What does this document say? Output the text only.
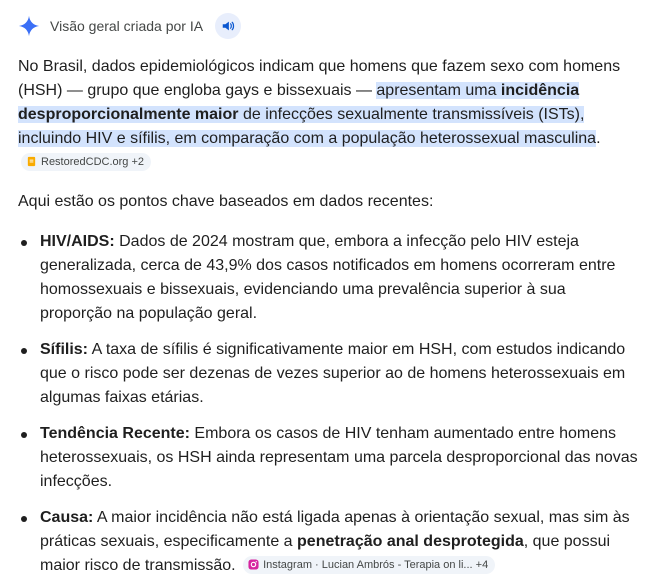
Visão geral criada por IA
No Brasil, dados epidemiológicos indicam que homens que fazem sexo com homens (HSH) — grupo que engloba gays e bissexuais — apresentam uma incidência desproporcionalmente maior de infecções sexualmente transmissíveis (ISTs), incluindo HIV e sífilis, em comparação com a população heterossexual masculina.
RestoredCDC.org +2
Aqui estão os pontos chave baseados em dados recentes:
HIV/AIDS: Dados de 2024 mostram que, embora a infecção pelo HIV esteja generalizada, cerca de 43,9% dos casos notificados em homens ocorreram entre homossexuais e bissexuais, evidenciando uma prevalência superior à sua proporção na população geral.
Sífilis: A taxa de sífilis é significativamente maior em HSH, com estudos indicando que o risco pode ser dezenas de vezes superior ao de homens heterossexuais em algumas faixas etárias.
Tendência Recente: Embora os casos de HIV tenham aumentado entre homens heterossexuais, os HSH ainda representam uma parcela desproporcional das novas infecções.
Causa: A maior incidência não está ligada apenas à orientação sexual, mas sim às práticas sexuais, especificamente a penetração anal desprotegida, que possui maior risco de transmissão. Instagram · Lucian Ambrós - Terapia on li...
+4
